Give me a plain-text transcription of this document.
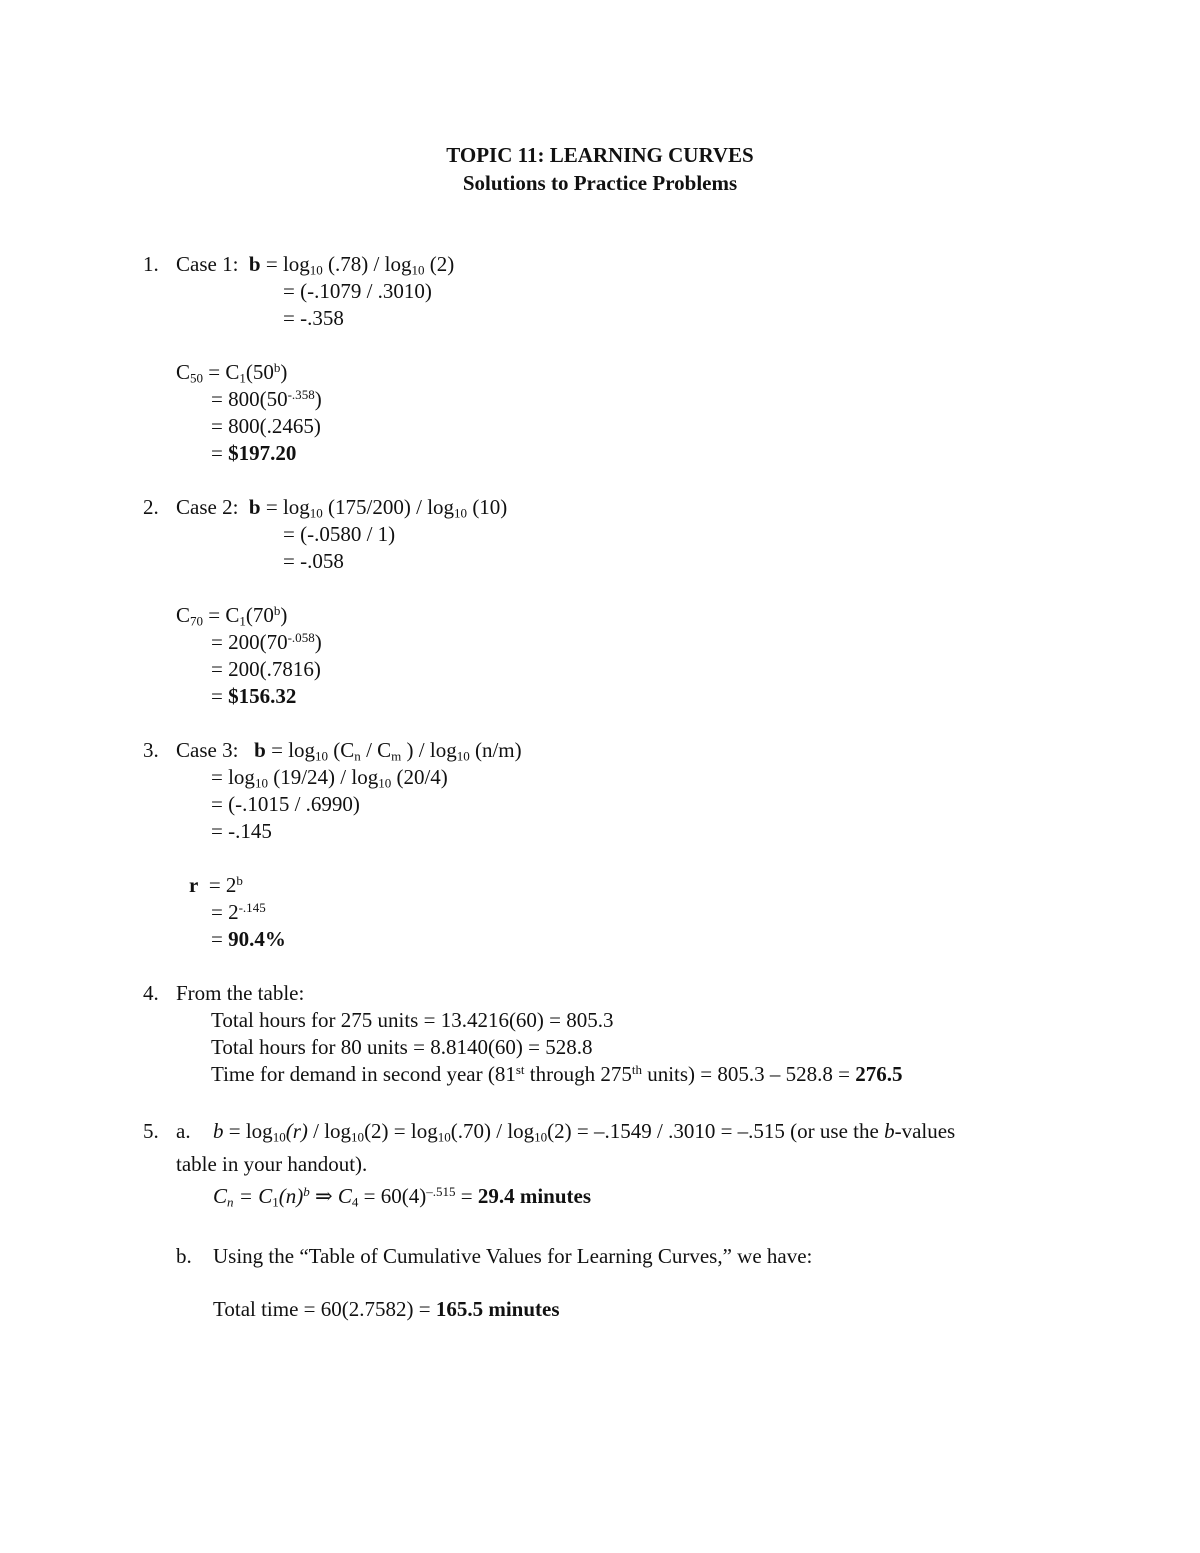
TOPIC 11: LEARNING CURVES
Solutions to Practice Problems
1. Case 1: $b = \log_{10} (.78) / \log_{10} (2)$
= (-.1079 / .3010)
= -.358
$C_{50} = C_1(50^b)$
= $800(50^{-.358})$
= 800(.2465)
= $197.20
2. Case 2: $b = \log_{10} (175/200) / \log_{10} (10)$
= (-.0580 / 1)
= -.058
$C_{70} = C_1(70^b)$
= $200(70^{-.058})$
= 200(.7816)
= $156.32
3. Case 3: $b = \log_{10} (C_n / C_m$ ) / $\log_{10} (n/m)$
= $\log_{10} (19/24) / \log_{10} (20/4)$
= (-.1015 / .6990)
= -.145
$r = 2^b$
= $2^{-.145}$
= 90.4%
4. From the table:
Total hours for 275 units = 13.4216(60) = 805.3
Total hours for 80 units = 8.8140(60) = 528.8
Time for demand in second year (81st through 275th units) = 805.3 – 528.8 = 276.5
5. a. $b = \log_{10}(r) / \log_{10}(2) = \log_{10}(.70) / \log_{10}(2) = -.1549 / .3010 = -.515$ (or use the b-values
table in your handout).
$C_n = C_1(n)^b$ ⇒ $C_4 = 60(4)^{-.515} = 29.4$ minutes
b. Using the “Table of Cumulative Values for Learning Curves,” we have:
Total time = 60(2.7582) = 165.5 minutes
